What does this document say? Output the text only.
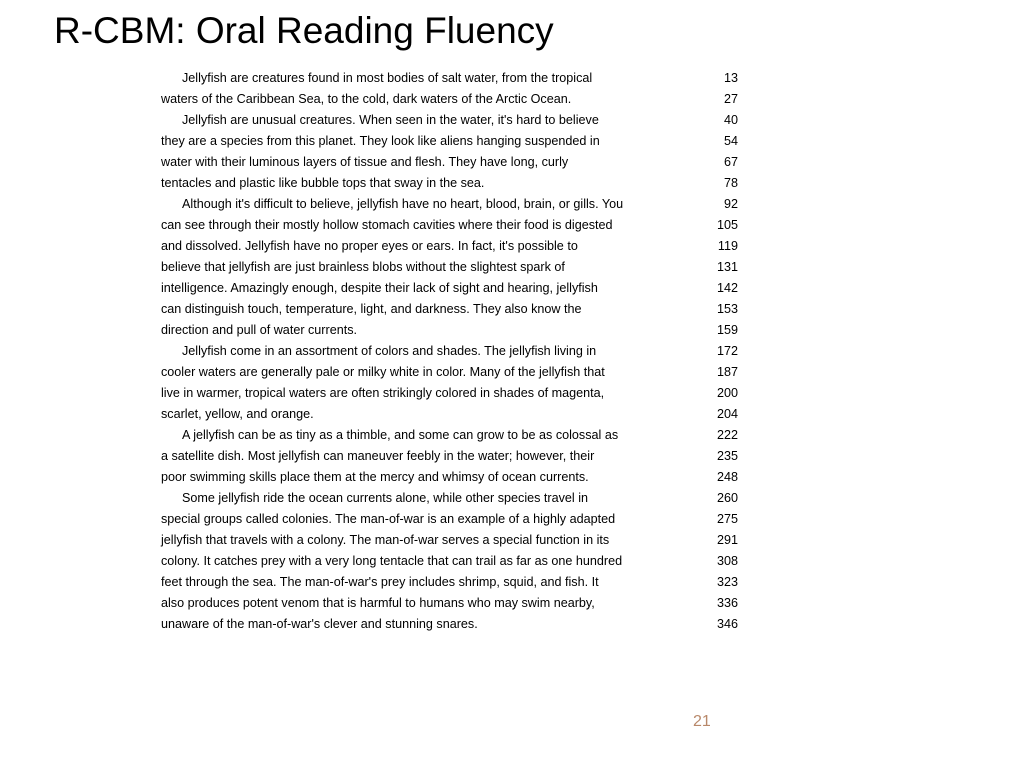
R-CBM: Oral Reading Fluency
Jellyfish are creatures found in most bodies of salt water, from the tropical	13
waters of the Caribbean Sea, to the cold, dark waters of the Arctic Ocean.	27
Jellyfish are unusual creatures. When seen in the water, it's hard to believe	40
they are a species from this planet. They look like aliens hanging suspended in	54
water with their luminous layers of tissue and flesh. They have long, curly	67
tentacles and plastic like bubble tops that sway in the sea.	78
Although it's difficult to believe, jellyfish have no heart, blood, brain, or gills. You	92
can see through their mostly hollow stomach cavities where their food is digested	105
and dissolved. Jellyfish have no proper eyes or ears. In fact, it's possible to	119
believe that jellyfish are just brainless blobs without the slightest spark of	131
intelligence. Amazingly enough, despite their lack of sight and hearing, jellyfish	142
can distinguish touch, temperature, light, and darkness. They also know the	153
direction and pull of water currents.	159
Jellyfish come in an assortment of colors and shades. The jellyfish living in	172
cooler waters are generally pale or milky white in color. Many of the jellyfish that	187
live in warmer, tropical waters are often strikingly colored in shades of magenta,	200
scarlet, yellow, and orange.	204
A jellyfish can be as tiny as a thimble, and some can grow to be as colossal as	222
a satellite dish. Most jellyfish can maneuver feebly in the water; however, their	235
poor swimming skills place them at the mercy and whimsy of ocean currents.	248
Some jellyfish ride the ocean currents alone, while other species travel in	260
special groups called colonies. The man-of-war is an example of a highly adapted	275
jellyfish that travels with a colony. The man-of-war serves a special function in its	291
colony. It catches prey with a very long tentacle that can trail as far as one hundred	308
feet through the sea. The man-of-war's prey includes shrimp, squid, and fish. It	323
also produces potent venom that is harmful to humans who may swim nearby,	336
unaware of the man-of-war's clever and stunning snares.	346
21
